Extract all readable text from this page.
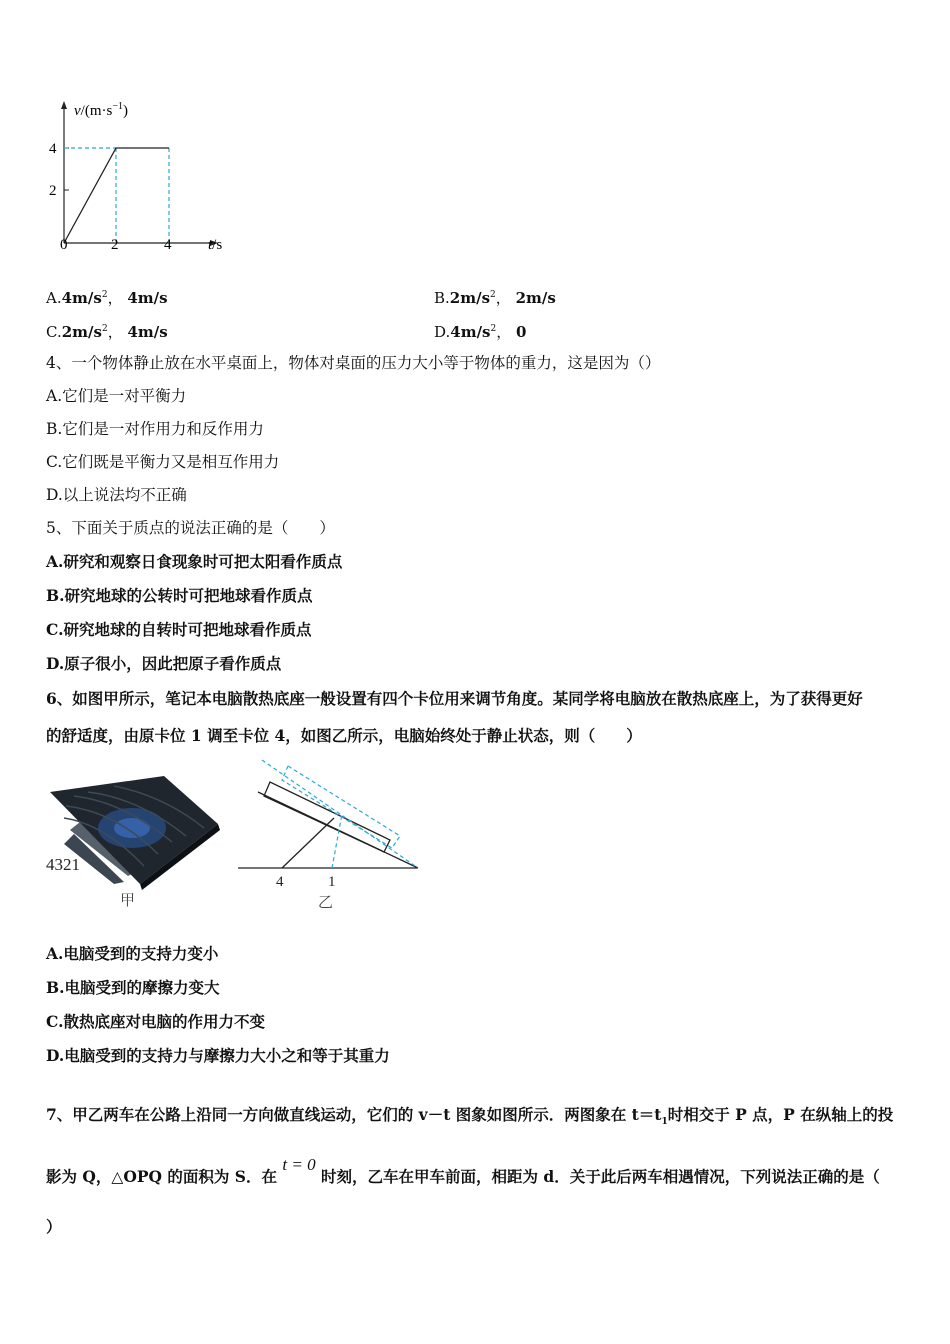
$v/(m\cdot s^{-1})$
4
2
0	2	4 t/s
$A.4m/s^2$， 4m/s	$B.2m/s^2$， 2m/s
$C.2m/s^2$， 4m/s	$D.4m/s^2$， 0
4、一个物体静止放在水平桌面上，物体对桌面的压力大小等于物体的重力，这是因为（）
A.它们是一对平衡力
B.它们是一对作用力和反作用力
C.它们既是平衡力又是相互作用力
D.以上说法均不正确
5、下面关于质点的说法正确的是（　　）
A.研究和观察日食现象时可把太阳看作质点
B.研究地球的公转时可把地球看作质点
C.研究地球的自转时可把地球看作质点
D.原子很小，因此把原子看作质点
6、如图甲所示，笔记本电脑散热底座一般设置有四个卡位用来调节角度。某同学将电脑放在散热底座上，为了获得更好
的舒适度，由原卡位 1 调至卡位 4，如图乙所示，电脑始终处于静止状态，则（　　）
4321
甲
4	1
乙
A.电脑受到的支持力变小
B.电脑受到的摩擦力变大
C.散热底座对电脑的作用力不变
D.电脑受到的支持力与摩擦力大小之和等于其重力
7、甲乙两车在公路上沿同一方向做直线运动，它们的 v－t 图象如图所示．两图象在 $t=t_1$时相交于 P 点，P 在纵轴上的投
影为 Q，△OPQ 的面积为 S．在 t = 0 时刻，乙车在甲车前面，相距为 d．关于此后两车相遇情况，下列说法正确的是（
）
